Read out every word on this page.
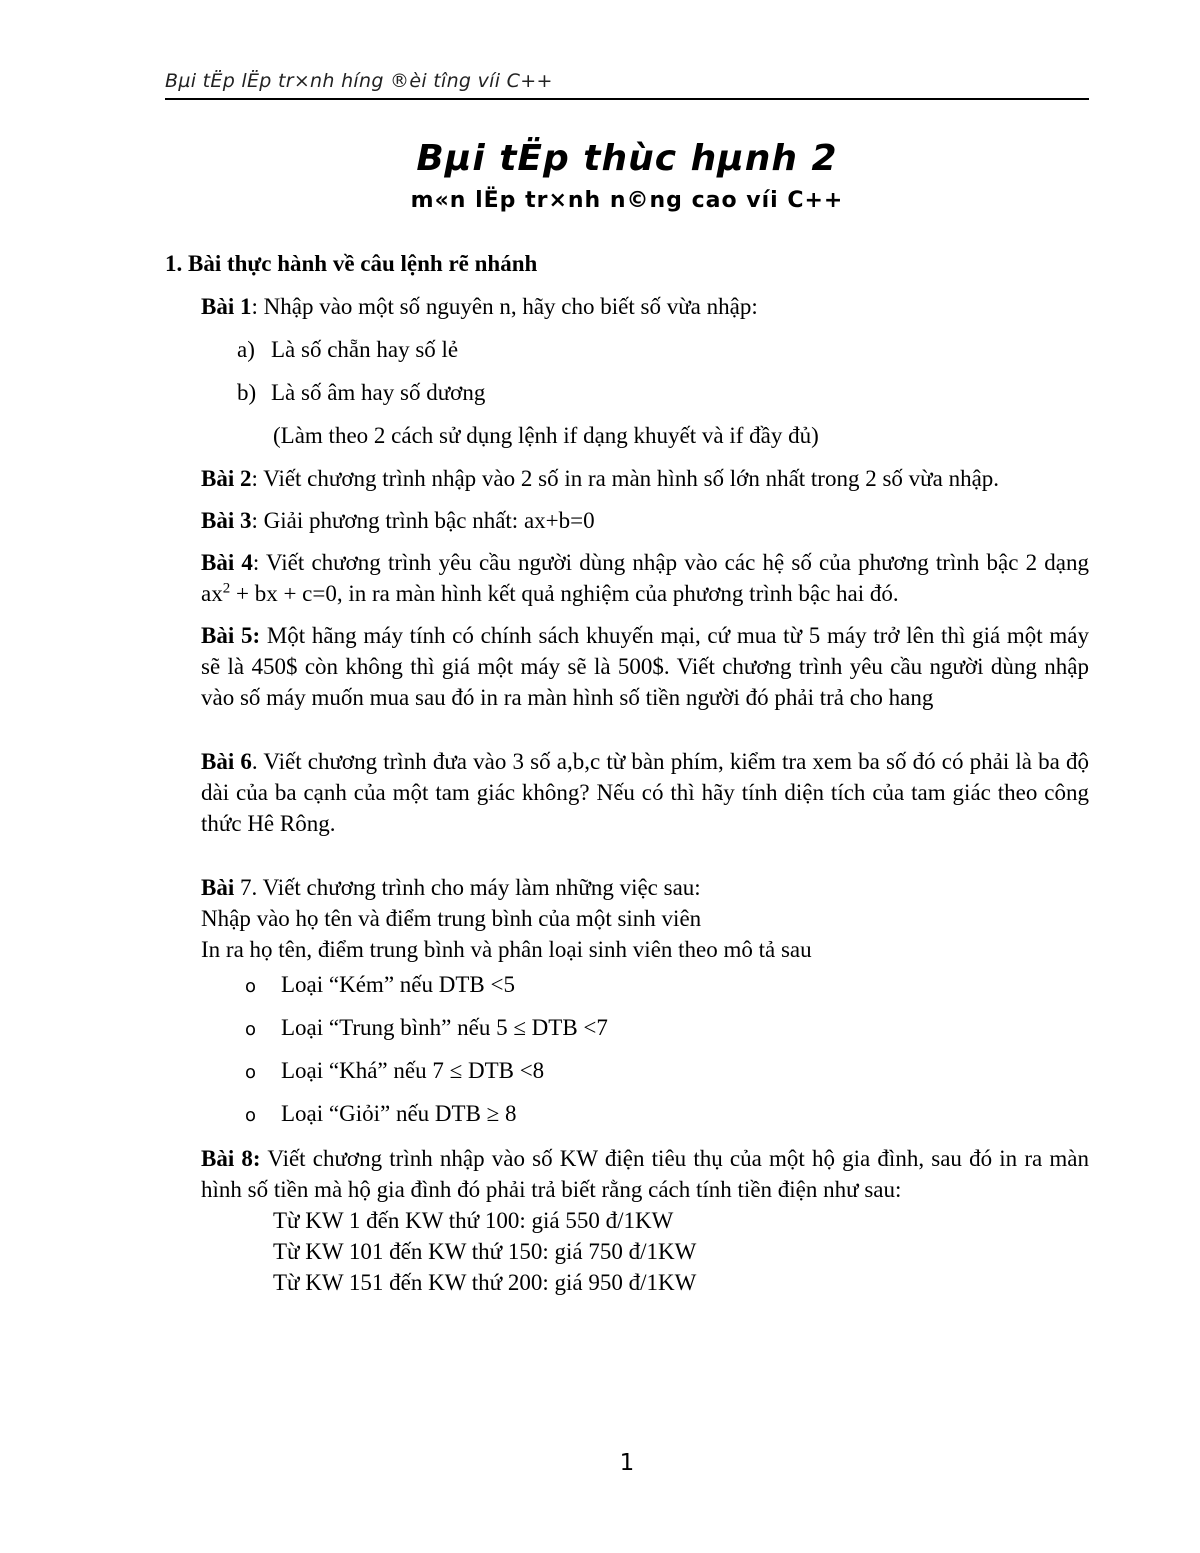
Bµi tËp lËp tr×nh híng ®èi tîng víi C++
Bµi tËp thùc hµnh 2
m«n lËp tr×nh n©ng cao víi C++
1. Bài thực hành về câu lệnh rẽ nhánh
Bài 1: Nhập vào một số nguyên n, hãy cho biết số vừa nhập:
a) Là số chẵn hay số lẻ
b) Là số âm hay số dương
(Làm theo 2 cách sử dụng lệnh if dạng khuyết và if đầy đủ)
Bài 2: Viết chương trình nhập vào 2 số in ra màn hình số lớn nhất trong 2 số vừa nhập.
Bài 3: Giải phương trình bậc nhất: ax+b=0
Bài 4: Viết chương trình yêu cầu người dùng nhập vào các hệ số của phương trình bậc 2 dạng $ax^2$ + bx + c=0, in ra màn hình kết quả nghiệm của phương trình bậc hai đó.
Bài 5: Một hãng máy tính có chính sách khuyến mại, cứ mua từ 5 máy trở lên thì giá một máy sẽ là 450$ còn không thì giá một máy sẽ là 500$. Viết chương trình yêu cầu người dùng nhập vào số máy muốn mua sau đó in ra màn hình số tiền người đó phải trả cho hang
Bài 6. Viết chương trình đưa vào 3 số a,b,c từ bàn phím, kiểm tra xem ba số đó có phải là ba độ dài của ba cạnh của một tam giác không? Nếu có thì hãy tính diện tích của tam giác theo công thức Hê Rông.
Bài 7. Viết chương trình cho máy làm những việc sau:
Nhập vào họ tên và điểm trung bình của một sinh viên
In ra họ tên, điểm trung bình và phân loại sinh viên theo mô tả sau
o	Loại “Kém” nếu DTB <5
o	Loại “Trung bình” nếu 5 ≤ DTB <7
o	Loại “Khá” nếu 7 ≤ DTB <8
o	Loại “Giỏi” nếu DTB ≥ 8
Bài 8: Viết chương trình nhập vào số KW điện tiêu thụ của một hộ gia đình, sau đó in ra màn hình số tiền mà hộ gia đình đó phải trả biết rằng cách tính tiền điện như sau:
Từ KW 1 đến KW thứ 100: giá 550 đ/1KW
Từ KW 101 đến KW thứ 150: giá 750 đ/1KW
Từ KW 151 đến KW thứ 200: giá 950 đ/1KW
1
